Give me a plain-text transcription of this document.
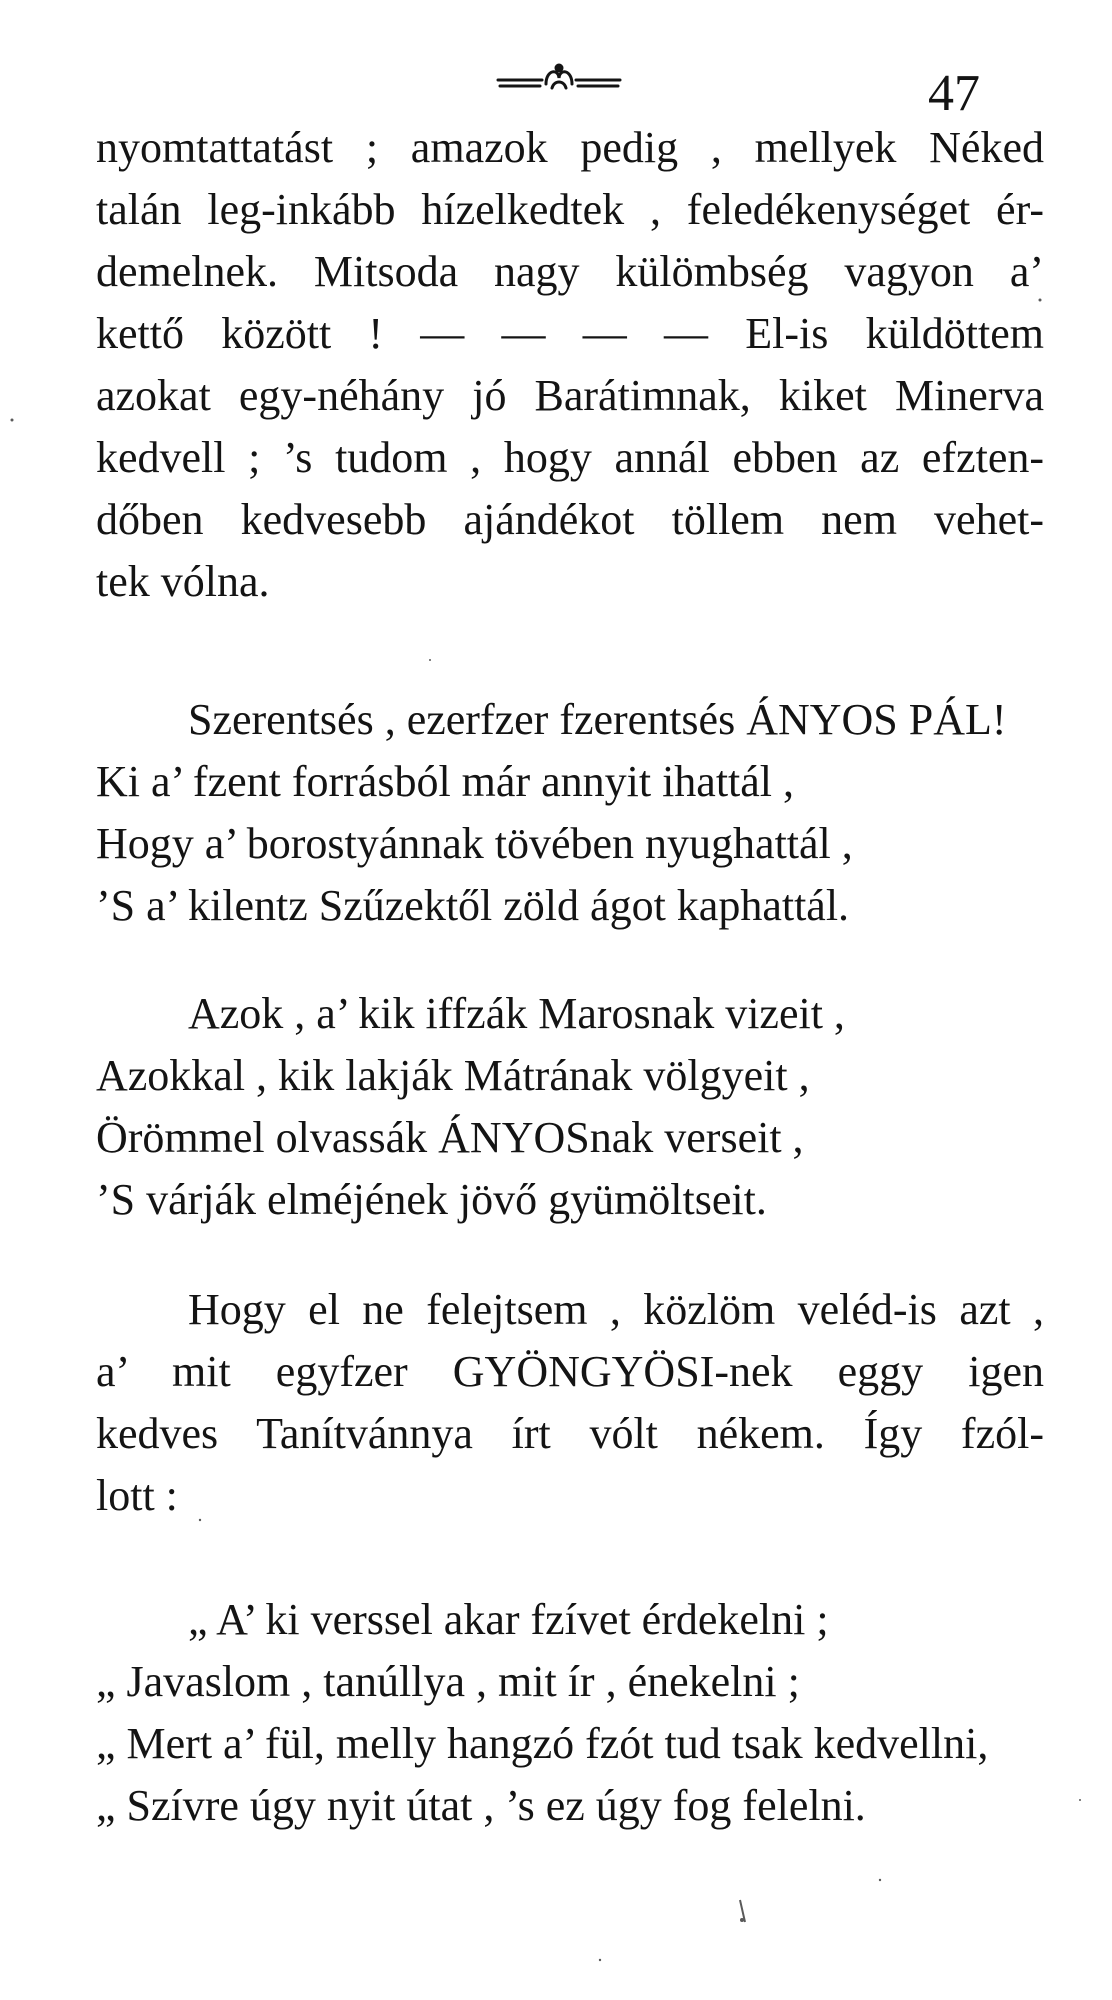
47
nyomtattatást ; amazok pedig , mellyek Néked
talán leg-inkább hízelkedtek , feledékenységet ér-
demelnek. Mitsoda nagy külömbség vagyon a’
kettő között ! — — — — El-is küldöttem
azokat egy-néhány jó Barátimnak, kiket Minerva
kedvell ; ’s tudom , hogy annál ebben az efzten-
dőben kedvesebb ajándékot töllem nem vehet-
tek vólna.
Szerentsés , ezerfzer fzerentsés ÁNYOS PÁL!
Ki a’ fzent forrásból már annyit ihattál ,
Hogy a’ borostyánnak tövében nyughattál ,
’S a’ kilentz Szűzektől zöld ágot kaphattál.
Azok , a’ kik iffzák Marosnak vizeit ,
Azokkal , kik lakják Mátrának völgyeit ,
Örömmel olvassák ÁNYOSnak verseit ,
’S várják elméjének jövő gyümöltseit.
Hogy el ne felejtsem , közlöm veléd-is azt ,
a’ mit egyfzer GYÖNGYÖSI-nek eggy igen
kedves Tanítvánnya írt vólt nékem. Így fzól-
lott :
„ A’ ki verssel akar fzívet érdekelni ;
„ Javaslom , tanúllya , mit ír , énekelni ;
„ Mert a’ fül, melly hangzó fzót tud tsak kedvellni,
„ Szívre úgy nyit útat , ’s ez úgy fog felelni.
